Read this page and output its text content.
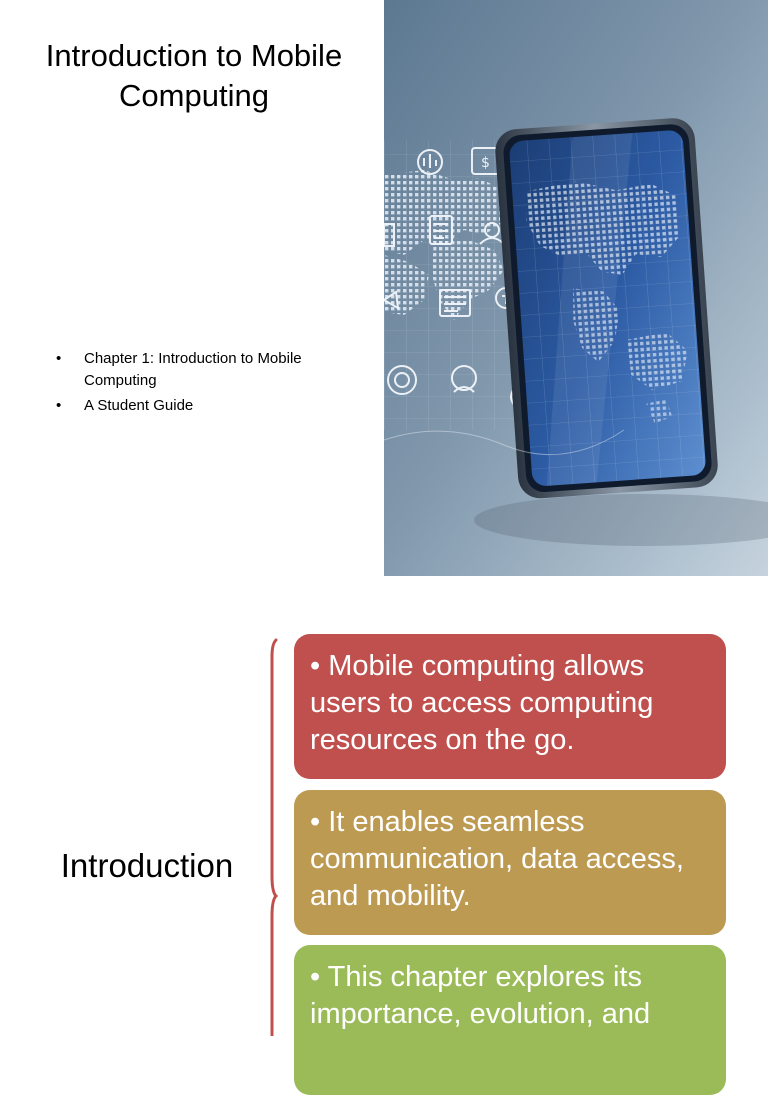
Introduction to Mobile Computing
• Chapter 1: Introduction to Mobile Computing
• A Student Guide
$
Introduction
• Mobile computing allows users to access computing resources on the go.
• It enables seamless communication, data access, and mobility.
• This chapter explores its importance, evolution, and
